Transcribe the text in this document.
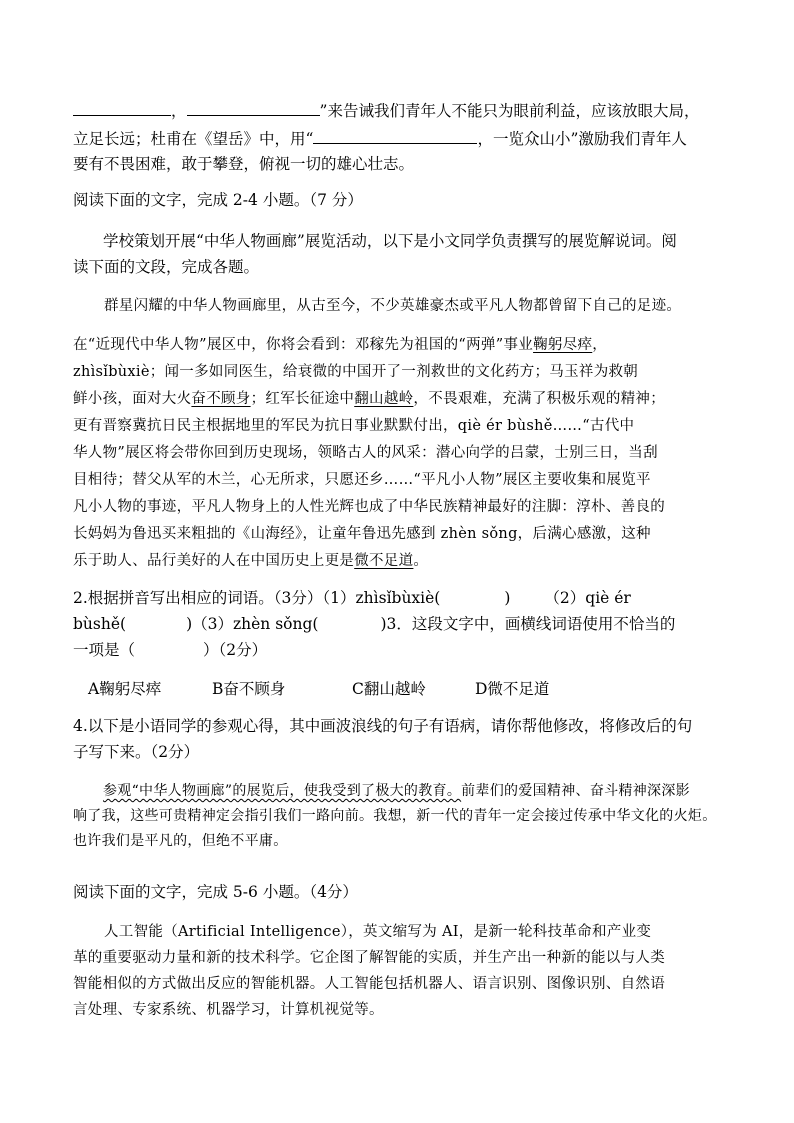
，	”来告诫我们青年人不能只为眼前利益，应该放眼大局，
立足长远；杜甫在《望岳》中，用“	，一览众山小”激励我们青年人
要有不畏困难，敢于攀登，俯视一切的雄心壮志。
阅读下面的文字，完成 2-4 小题。（7 分）
学校策划开展“中华人物画廊”展览活动，以下是小文同学负责撰写的展览解说词。阅
读下面的文段，完成各题。
群星闪耀的中华人物画廊里，从古至今，不少英雄豪杰或平凡人物都曾留下自己的足迹。
在“近现代中华人物”展区中，你将会看到：邓稼先为祖国的“两弹”事业鞠躬尽瘁，
zhìsǐbùxiè；闻一多如同医生，给衰微的中国开了一剂救世的文化药方；马玉祥为救朝
鲜小孩，面对大火奋不顾身；红军长征途中翻山越岭，不畏艰难，充满了积极乐观的精神；
更有晋察冀抗日民主根据地里的军民为抗日事业默默付出，qiè ér bùshě……“古代中
华人物”展区将会带你回到历史现场，领略古人的风采：潜心向学的吕蒙，士别三日，当刮
目相待；替父从军的木兰，心无所求，只愿还乡……“平凡小人物”展区主要收集和展览平
凡小人物的事迹，平凡人物身上的人性光辉也成了中华民族精神最好的注脚：淳朴、善良的
长妈妈为鲁迅买来粗拙的《山海经》，让童年鲁迅先感到 zhèn sǒng，后满心感激，这种
乐于助人、品行美好的人在中国历史上更是微不足道。
2.根据拼音写出相应的词语。（3分）（1）zhìsǐbùxiè(	) （2）qiè ér
bùshě(	)（3）zhèn sǒng(	)3．这段文字中，画横线词语使用不恰当的
一项是（	）（2分）
A鞠躬尽瘁	B奋不顾身	C翻山越岭	D微不足道
4.以下是小语同学的参观心得，其中画波浪线的句子有语病，请你帮他修改，将修改后的句
子写下来。（2分）
参观“中华人物画廊”的展览后，使我受到了极大的教育。前辈们的爱国精神、奋斗精神深深影
响了我，这些可贵精神定会指引我们一路向前。我想，新一代的青年一定会接过传承中华文化的火炬。
也许我们是平凡的，但绝不平庸。
阅读下面的文字，完成 5-6 小题。（4分）
人工智能（Artificial Intelligence），英文缩写为 AI，是新一轮科技革命和产业变
革的重要驱动力量和新的技术科学。它企图了解智能的实质，并生产出一种新的能以与人类
智能相似的方式做出反应的智能机器。人工智能包括机器人、语言识别、图像识别、自然语
言处理、专家系统、机器学习，计算机视觉等。
